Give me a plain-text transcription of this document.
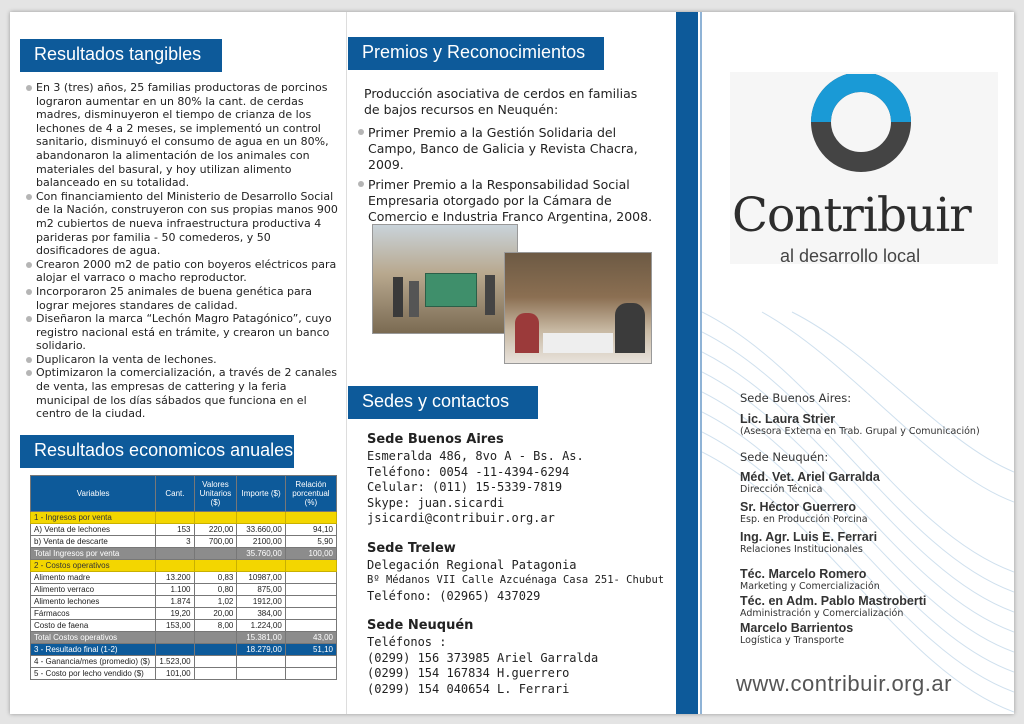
Resultados tangibles
En 3 (tres) años, 25 familias productoras de porcinos lograron aumentar en un 80% la cant. de cerdas madres, disminuyeron el tiempo de crianza de los lechones de 4 a 2 meses, se implementó un control sanitario, disminuyó el consumo de agua en un 80%, abandonaron la alimentación de los animales con materiales del basural, y hoy utilizan alimento balanceado en su totalidad.
Con financiamiento del Ministerio de Desarrollo Social de la Nación, construyeron con sus propias manos 900 m2 cubiertos de nueva infraestructura productiva 4 parideras por familia - 50 comederos, y 50 dosificadores de agua.
Crearon 2000 m2 de patio con boyeros eléctricos para alojar el varraco o macho reproductor.
Incorporaron 25 animales de buena genética para lograr mejores standares de calidad.
Diseñaron la marca “Lechón Magro Patagónico”, cuyo registro nacional está en trámite, y crearon un banco solidario.
Duplicaron la venta de lechones.
Optimizaron la comercialización, a través de 2 canales de venta, las empresas de cattering y la feria municipal de los días sábados que funciona en el centro de la ciudad.
Resultados economicos anuales
Variables	Cant.	Valores Unitarios ($)	Importe ($)	Relación porcentual (%)
1 - Ingresos por venta				
A) Venta de lechones	153	220,00	33.660,00	94,10
b) Venta de descarte	3	700,00	2100,00	5,90
Total Ingresos por venta			35.760,00	100,00
2 - Costos operativos				
Alimento madre	13.200	0,83	10987,00	
Alimento verraco	1.100	0,80	875,00	
Alimento lechones	1.874	1,02	1912,00	
Fármacos	19,20	20,00	384,00	
Costo de faena	153,00	8,00	1.224,00	
Total Costos operativos			15.381,00	43,00
3 - Resultado final (1-2)			18.279,00	51,10
4 - Ganancia/mes (promedio) ($)	1.523,00			
5 - Costo por lecho vendido ($)	101,00			
Premios y Reconocimientos
Producción asociativa de cerdos en familias de bajos recursos en Neuquén:
Primer Premio a la Gestión Solidaria del Campo, Banco de Galicia y Revista Chacra, 2009.
Primer Premio a la Responsabilidad Social Empresaria otorgado por la Cámara de Comercio e Industria Franco Argentina, 2008.
Sedes y contactos
Sede Buenos Aires
Esmeralda 486, 8vo A - Bs. As.
Teléfono: 0054 -11-4394-6294
Celular: (011) 15-5339-7819
Skype: juan.sicardi
jsicardi@contribuir.org.ar
Sede Trelew
Delegación Regional Patagonia
Bº Médanos VII Calle Azcuénaga Casa 251- Chubut
Teléfono: (02965) 437029
Sede Neuquén
Teléfonos :
(0299) 156 373985 Ariel Garralda
(0299) 154 167834 H.guerrero
(0299) 154 040654 L. Ferrari
Contribuir
al desarrollo local
Sede Buenos Aires:
Lic. Laura Strier
(Asesora Externa en Trab. Grupal y Comunicación)
Sede Neuquén:
Méd. Vet. Ariel Garralda
Dirección Técnica
Sr. Héctor Guerrero
Esp. en Producción Porcina
Ing. Agr. Luis E. Ferrari
Relaciones Institucionales
Téc. Marcelo Romero
Marketing y Comercialización
Téc. en Adm. Pablo Mastroberti
Administración y Comercialización
Marcelo Barrientos
Logística y Transporte
www.contribuir.org.ar
